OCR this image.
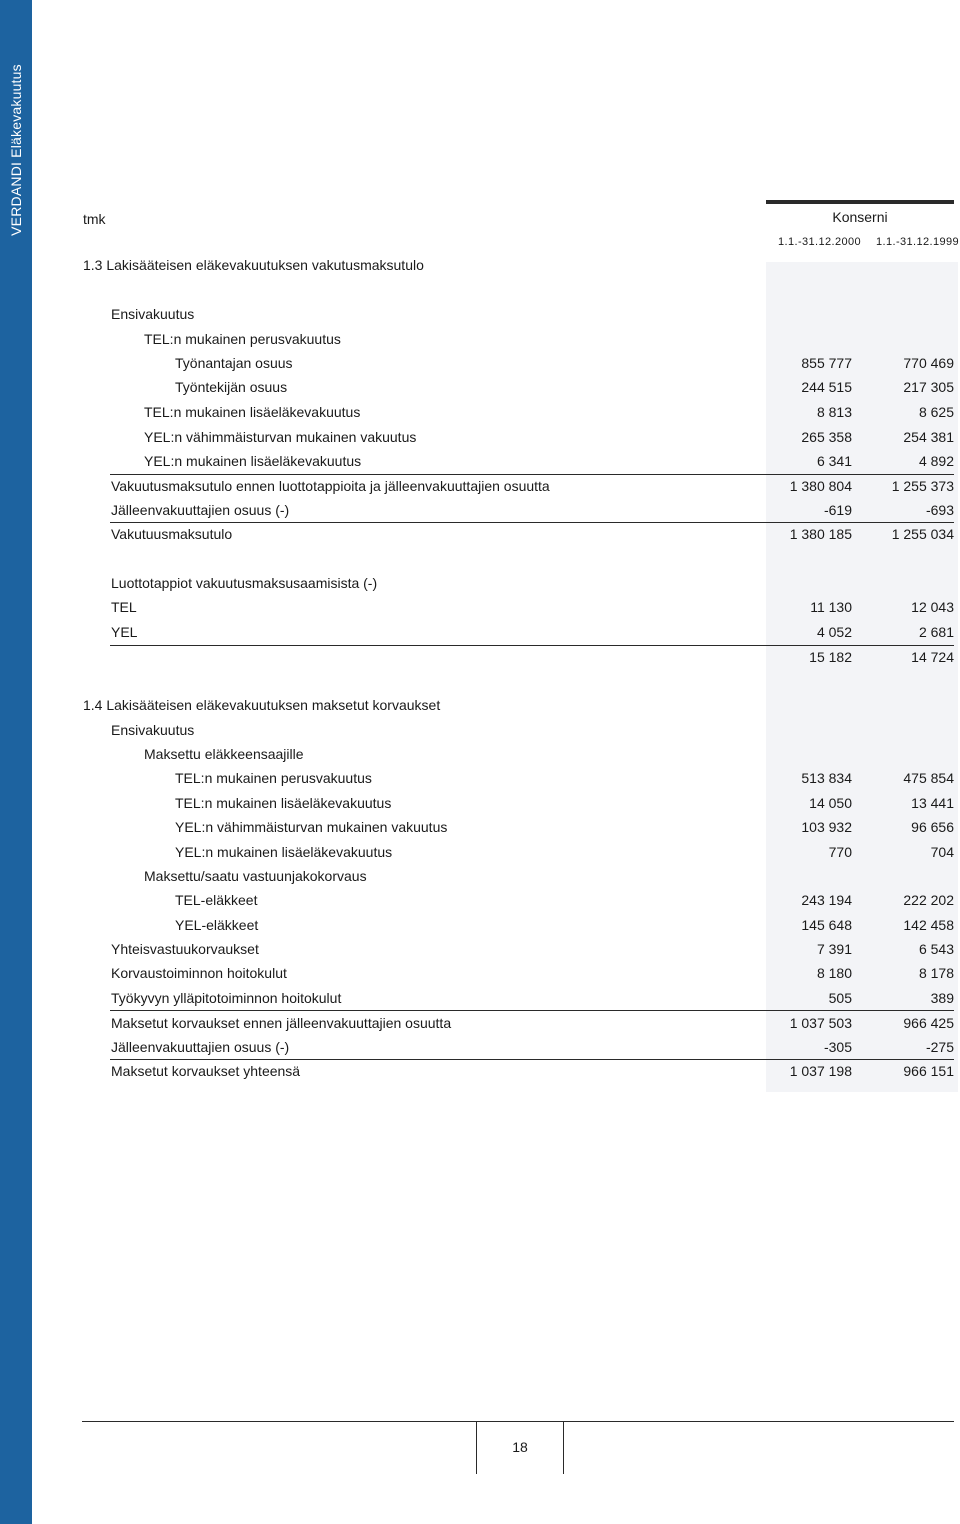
VERDANDI Eläkevakuutus	tmk	Konserni
1.1.-31.12.2000 1.1.-31.12.1999
1.3 Lakisääteisen eläkevakuutuksen vakutusmaksutulo
Ensivakuutus
TEL:n mukainen perusvakuutus
Työnantajan osuus	855 777	770 469
Työntekijän osuus	244 515	217 305
TEL:n mukainen lisäeläkevakuutus	8 813	8 625
YEL:n vähimmäisturvan mukainen vakuutus	265 358	254 381
YEL:n mukainen lisäeläkevakuutus	6 341	4 892
Vakuutusmaksutulo ennen luottotappioita ja jälleenvakuuttajien osuutta	1 380 804	1 255 373
Jälleenvakuuttajien osuus (-)	-619	-693
Vakutuusmaksutulo	1 380 185	1 255 034
Luottotappiot vakuutusmaksusaamisista (-)
TEL	11 130	12 043
YEL	4 052	2 681
15 182	14 724
1.4 Lakisääteisen eläkevakuutuksen maksetut korvaukset
Ensivakuutus
Maksettu eläkkeensaajille
TEL:n mukainen perusvakuutus	513 834	475 854
TEL:n mukainen lisäeläkevakuutus	14 050	13 441
YEL:n vähimmäisturvan mukainen vakuutus	103 932	96 656
YEL:n mukainen lisäeläkevakuutus	770	704
Maksettu/saatu vastuunjakokorvaus
TEL-eläkkeet	243 194	222 202
YEL-eläkkeet	145 648	142 458
Yhteisvastuukorvaukset	7 391	6 543
Korvaustoiminnon hoitokulut	8 180	8 178
Työkyvyn ylläpitotoiminnon hoitokulut	505	389
Maksetut korvaukset ennen jälleenvakuuttajien osuutta	1 037 503	966 425
Jälleenvakuuttajien osuus (-)	-305	-275
Maksetut korvaukset yhteensä	1 037 198	966 151
18
